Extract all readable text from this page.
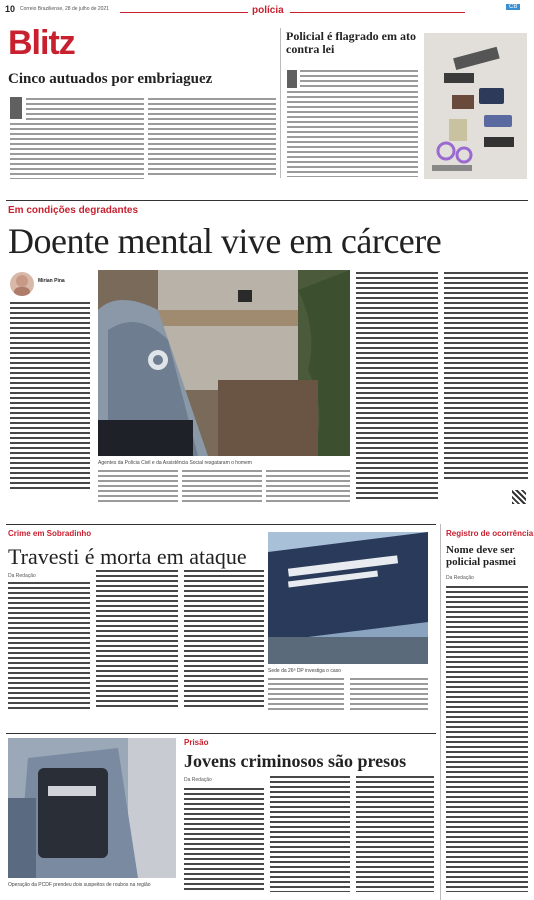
10 Correio Braziliense, 28 de julho de 2021	polícia	CB
Blitz
Cinco autuados por embriaguez
Policial é flagrado em ato contra lei
Em condições degradantes
Doente mental vive em cárcere
Mirian Pina
Agentes da Polícia Civil e da Assistência Social resgataram o homem
Crime em Sobradinho
Travesti é morta em ataque
Da Redação
Sede da 26ª DP investiga o caso
Registro de ocorrência
Nome deve ser policial pasmei
Da Redação
Operação da PCDF prendeu dois suspeitos de roubos na região
Prisão
Jovens criminosos são presos
Da Redação
